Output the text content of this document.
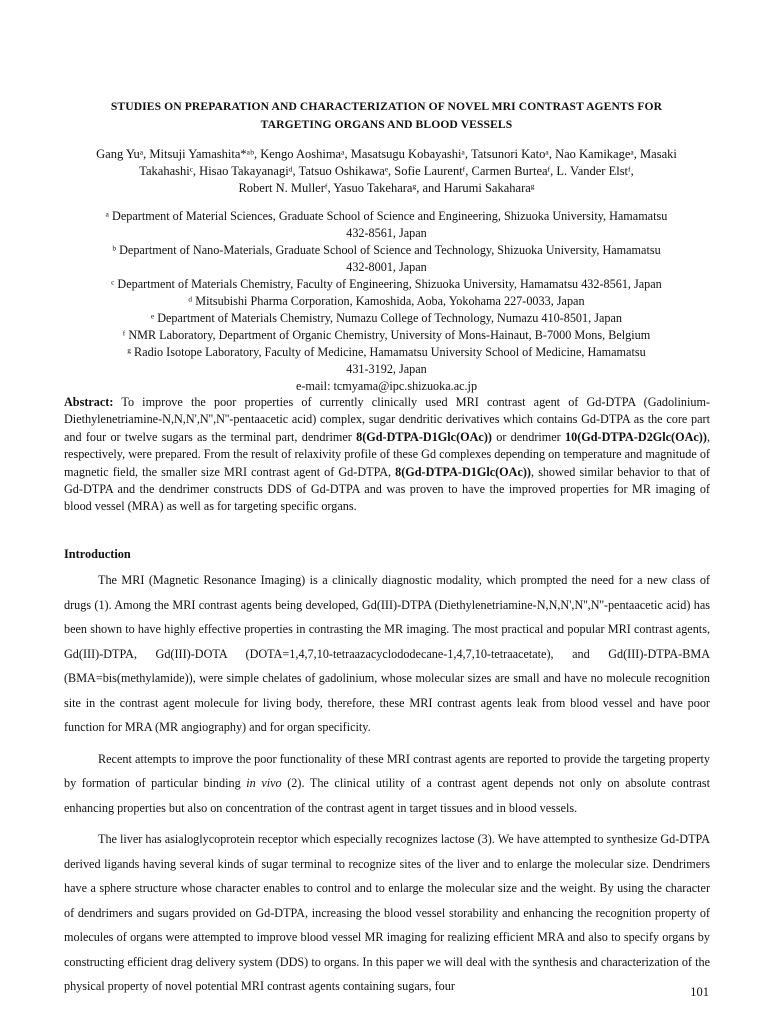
STUDIES ON PREPARATION AND CHARACTERIZATION OF NOVEL MRI CONTRAST AGENTS FOR
TARGETING ORGANS AND BLOOD VESSELS
Gang Yuᵃ, Mitsuji Yamashita*ᵃᵇ, Kengo Aoshimaᵃ, Masatsugu Kobayashiᵃ, Tatsunori Katoᵃ, Nao Kamikageᵃ, Masaki
Takahashiᶜ, Hisao Takayanagiᵈ, Tatsuo Oshikawaᵉ, Sofie Laurentᶠ, Carmen Burteaᶠ, L. Vander Elstᶠ,
Robert N. Mullerᶠ, Yasuo Takeharaᵍ, and Harumi Sakaharaᵍ
ᵃ Department of Material Sciences, Graduate School of Science and Engineering, Shizuoka University, Hamamatsu
432-8561, Japan
ᵇ Department of Nano-Materials, Graduate School of Science and Technology, Shizuoka University, Hamamatsu
432-8001, Japan
ᶜ Department of Materials Chemistry, Faculty of Engineering, Shizuoka University, Hamamatsu 432-8561, Japan
ᵈ Mitsubishi Pharma Corporation, Kamoshida, Aoba, Yokohama 227-0033, Japan
ᵉ Department of Materials Chemistry, Numazu College of Technology, Numazu 410-8501, Japan
ᶠ NMR Laboratory, Department of Organic Chemistry, University of Mons-Hainaut, B-7000 Mons, Belgium
ᵍ Radio Isotope Laboratory, Faculty of Medicine, Hamamatsu University School of Medicine, Hamamatsu
431-3192, Japan
e-mail: tcmyama@ipc.shizuoka.ac.jp
Abstract: To improve the poor properties of currently clinically used MRI contrast agent of Gd-DTPA (Gadolinium-Diethylenetriamine-N,N,N',N'',N''-pentaacetic acid) complex, sugar dendritic derivatives which contains Gd-DTPA as the core part and four or twelve sugars as the terminal part, dendrimer 8(Gd-DTPA-D1Glc(OAc)) or dendrimer 10(Gd-DTPA-D2Glc(OAc)), respectively, were prepared. From the result of relaxivity profile of these Gd complexes depending on temperature and magnitude of magnetic field, the smaller size MRI contrast agent of Gd-DTPA, 8(Gd-DTPA-D1Glc(OAc)), showed similar behavior to that of Gd-DTPA and the dendrimer constructs DDS of Gd-DTPA and was proven to have the improved properties for MR imaging of blood vessel (MRA) as well as for targeting specific organs.
Introduction

The MRI (Magnetic Resonance Imaging) is a clinically diagnostic modality, which prompted the need for a new class of drugs (1). Among the MRI contrast agents being developed, Gd(III)-DTPA (Diethylenetriamine-N,N,N',N'',N''-pentaacetic acid) has been shown to have highly effective properties in contrasting the MR imaging. The most practical and popular MRI contrast agents, Gd(III)-DTPA, Gd(III)-DOTA (DOTA=1,4,7,10-tetraazacyclododecane-1,4,7,10-tetraacetate), and Gd(III)-DTPA-BMA (BMA=bis(methylamide)), were simple chelates of gadolinium, whose molecular sizes are small and have no molecule recognition site in the contrast agent molecule for living body, therefore, these MRI contrast agents leak from blood vessel and have poor function for MRA (MR angiography) and for organ specificity.

Recent attempts to improve the poor functionality of these MRI contrast agents are reported to provide the targeting property by formation of particular binding in vivo (2). The clinical utility of a contrast agent depends not only on absolute contrast enhancing properties but also on concentration of the contrast agent in target tissues and in blood vessels.

The liver has asialoglycoprotein receptor which especially recognizes lactose (3). We have attempted to synthesize Gd-DTPA derived ligands having several kinds of sugar terminal to recognize sites of the liver and to enlarge the molecular size. Dendrimers have a sphere structure whose character enables to control and to enlarge the molecular size and the weight. By using the character of dendrimers and sugars provided on Gd-DTPA, increasing the blood vessel storability and enhancing the recognition property of molecules of organs were attempted to improve blood vessel MR imaging for realizing efficient MRA and also to specify organs by constructing efficient drag delivery system (DDS) to organs. In this paper we will deal with the synthesis and characterization of the physical property of novel potential MRI contrast agents containing sugars, four	101
